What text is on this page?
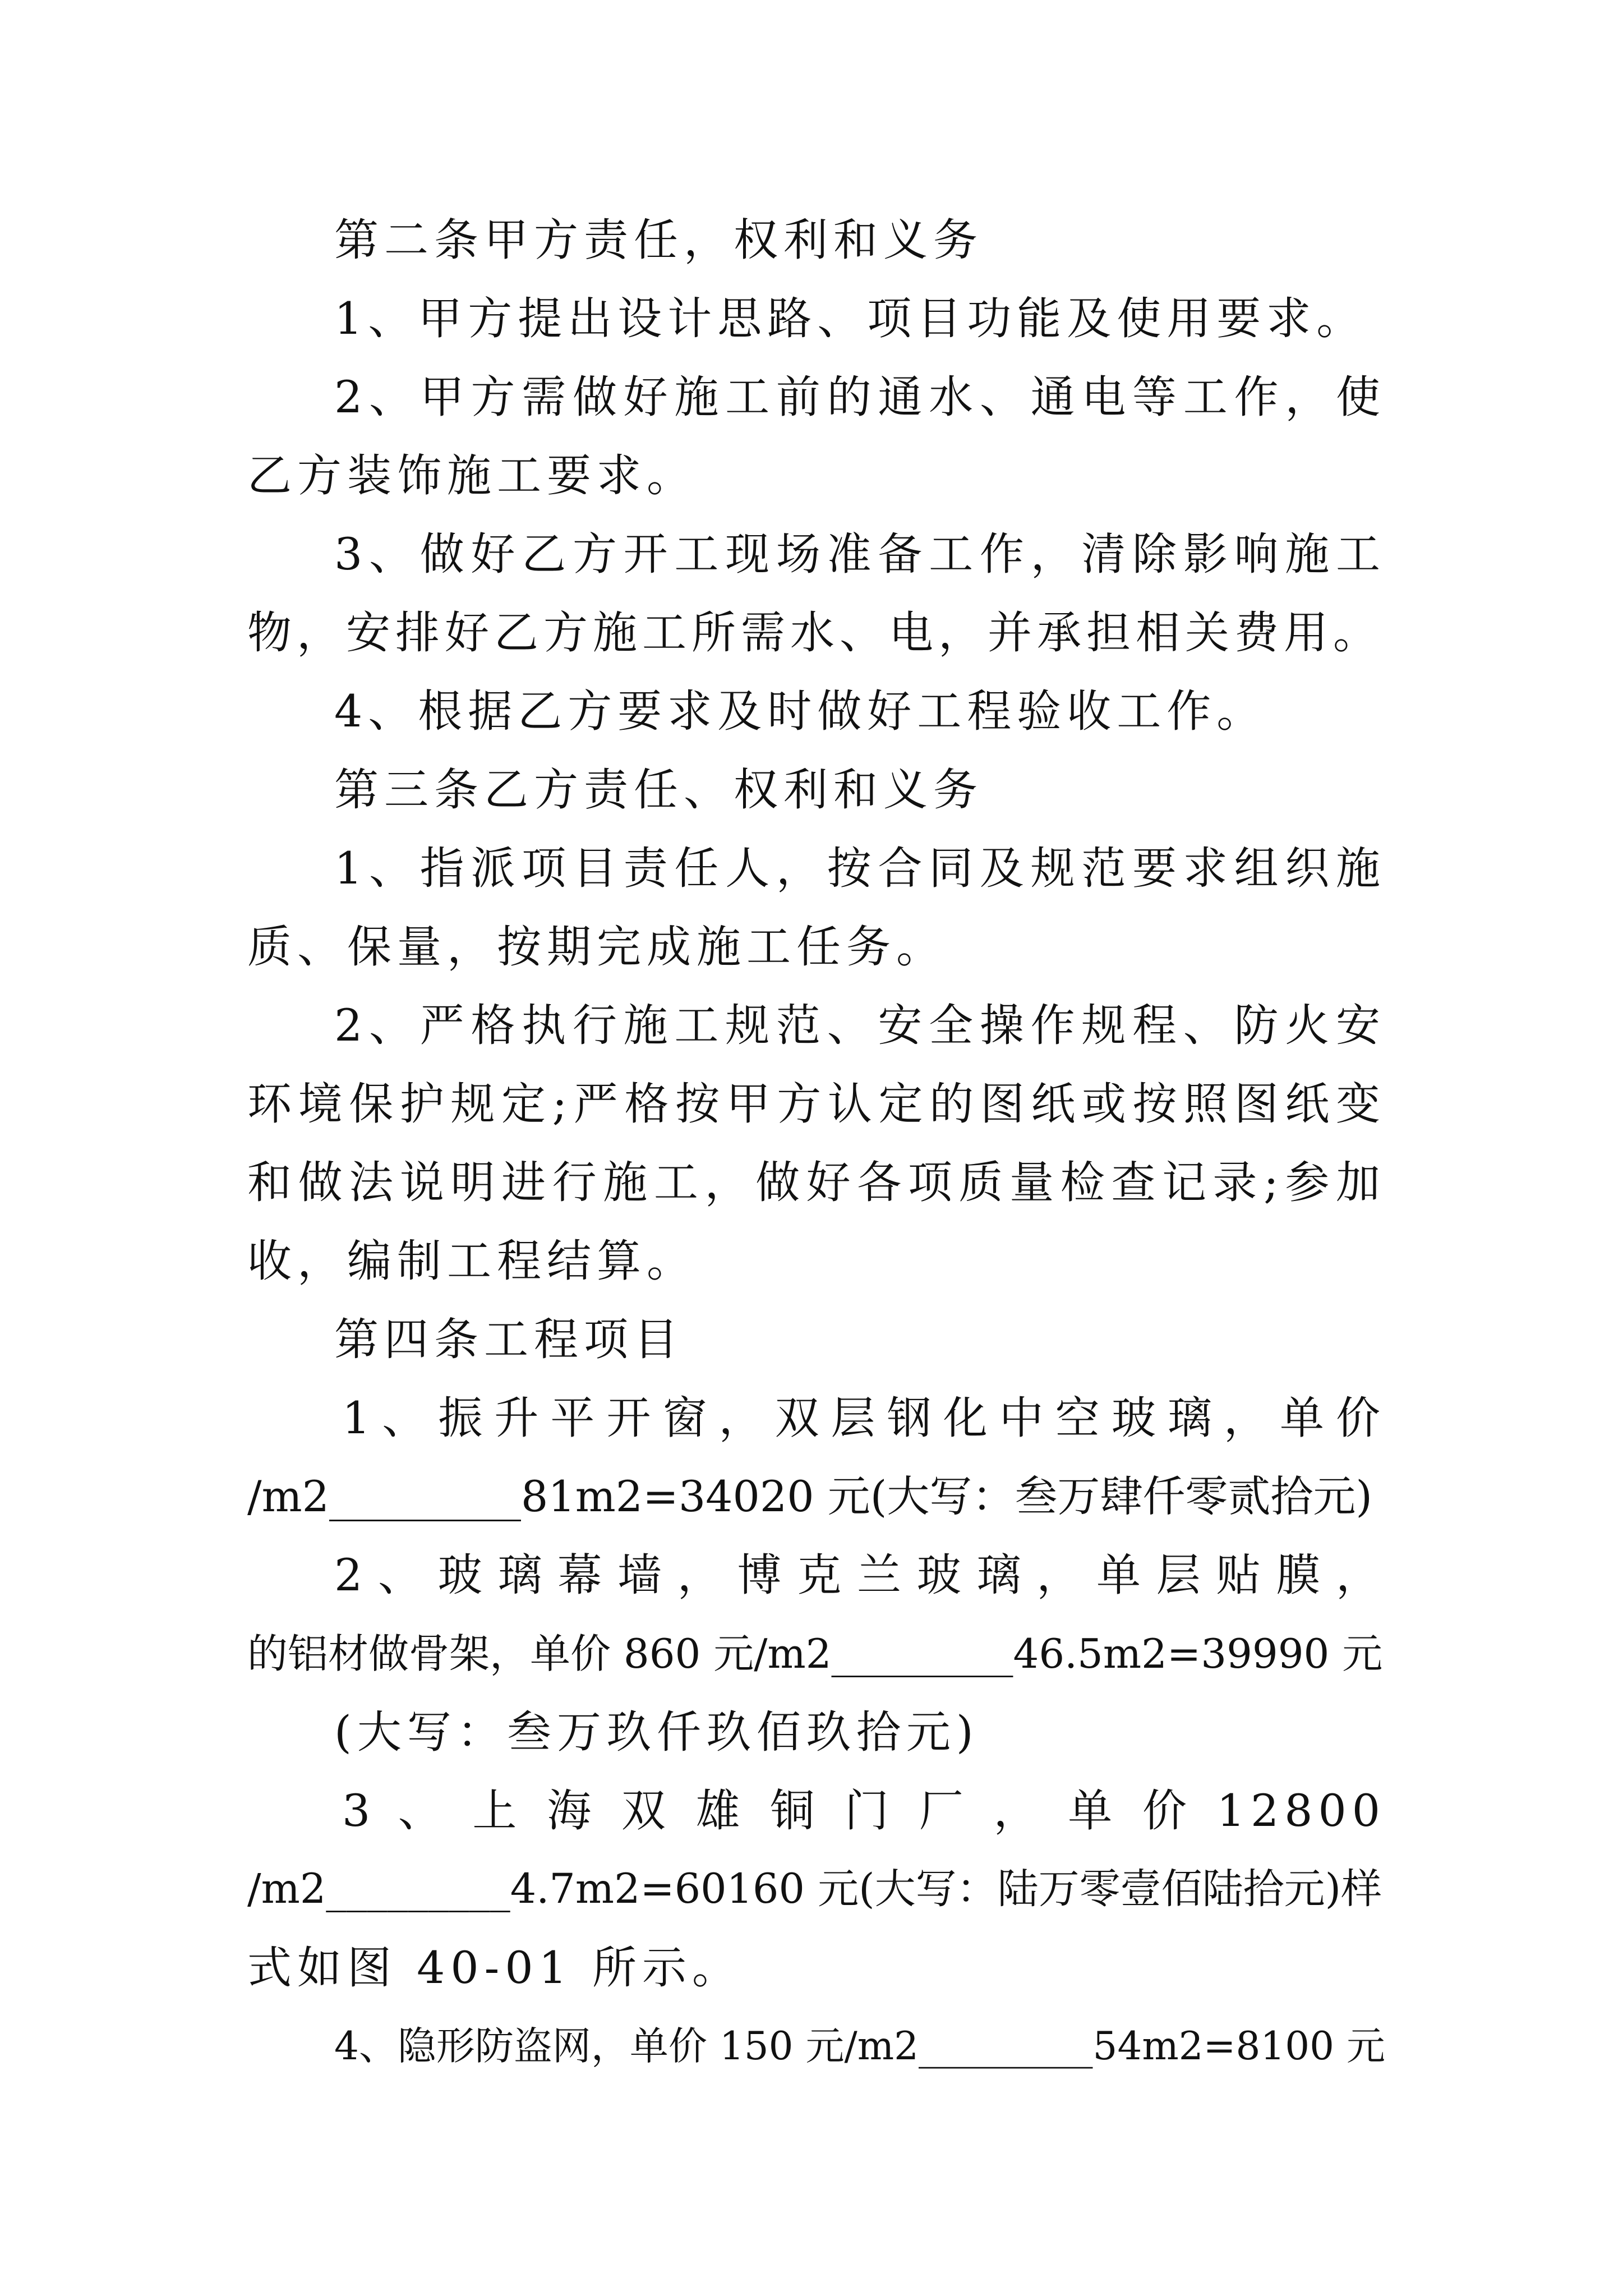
第二条甲方责任，权利和义务

1、甲方提出设计思路、项目功能及使用要求。

2、甲方需做好施工前的通水、通电等工作，使

乙方装饰施工要求。

3、做好乙方开工现场准备工作，清除影响施工

物，安排好乙方施工所需水、电，并承担相关费用。

4、根据乙方要求及时做好工程验收工作。

第三条乙方责任、权利和义务

1、指派项目责任人，按合同及规范要求组织施

质、保量，按期完成施工任务。

2、严格执行施工规范、安全操作规程、防火安

环境保护规定;严格按甲方认定的图纸或按照图纸变

和做法说明进行施工，做好各项质量检查记录;参加

收，编制工程结算。

第四条工程项目

1、振升平开窗，双层钢化中空玻璃，单价

/m2_________81m2=34020 元(大写：叁万肆仟零贰拾元)

2、玻璃幕墙，博克兰玻璃，单层贴膜，

的铝材做骨架，单价 860 元/m2_________46.5m2=39990 元

(大写：叁万玖仟玖佰玖拾元)

3 、 上 海 双 雄 铜 门 厂 ， 单 价 12800

/m2_________4.7m2=60160 元(大写：陆万零壹佰陆拾元)样

式如图 40-01 所示。

4、隐形防盗网，单价 150 元/m2_________54m2=8100 元
